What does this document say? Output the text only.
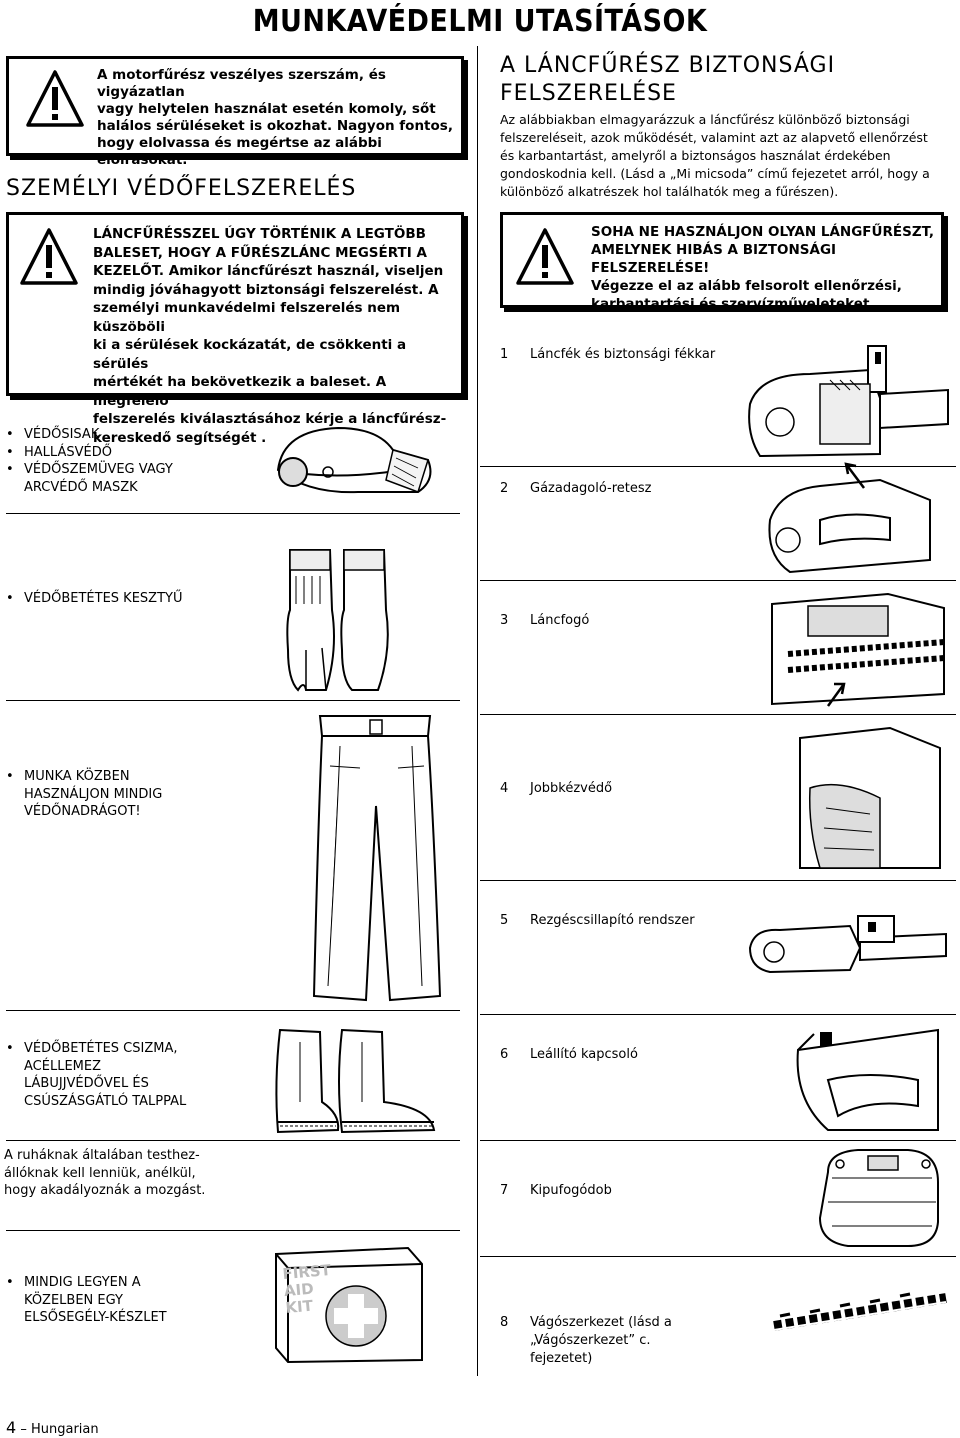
MUNKAVÉDELMI UTASÍTÁSOK
A motorfűrész veszélyes szerszám, és vigyázatlan
vagy helytelen használat esetén komoly, sőt
halálos sérüléseket is okozhat. Nagyon fontos,
hogy elolvassa és megértse az alábbi előírásokat.
SZEMÉLYI VÉDŐFELSZERELÉS
LÁNCFŰRÉSSZEL ÚGY TÖRTÉNIK A LEGTÖBB
BALESET, HOGY A FŰRÉSZLÁNC MEGSÉRTI A
KEZELŐT. Amikor láncfűrészt használ, viseljen
mindig jóváhagyott biztonsági felszerelést. A
személyi munkavédelmi felszerelés nem küszöböli
ki a sérülések kockázatát, de csökkenti a sérülés
mértékét ha bekövetkezik a baleset. A megfelelő
felszerelés kiválasztásához kérje a láncfűrész-
kereskedő segítségét .
• VÉDŐSISAK
• HALLÁSVÉDŐ
• VÉDŐSZEMÜVEG VAGY
ARCVÉDŐ MASZK
• VÉDŐBETÉTES KESZTYŰ
• MUNKA KÖZBEN
HASZNÁLJON MINDIG
VÉDŐNADRÁGOT!
• VÉDŐBETÉTES CSIZMA,
ACÉLLEMEZ
LÁBUJJVÉDŐVEL ÉS
CSÚSZÁSGÁTLÓ TALPPAL
A ruháknak általában testhez-
állóknak kell lenniük, anélkül,
hogy akadályoznák a mozgást.
• MINDIG LEGYEN A
KÖZELBEN EGY
ELSŐSEGÉLY-KÉSZLET
FIRST
AID
KIT
A LÁNCFŰRÉSZ BIZTONSÁGI
FELSZERELÉSE
Az alábbiakban elmagyarázzuk a láncfűrész különböző biztonsági
felszereléseit, azok működését, valamint azt az alapvető ellenőrzést
és karbantartást, amelyről a biztonságos használat érdekében
gondoskodnia kell. (Lásd a „Mi micsoda” című fejezetet arról, hogy a
különböző alkatrészek hol találhatók meg a fűrészen).
SOHA NE HASZNÁLJON OLYAN LÁNGFŰRÉSZT,
AMELYNEK HIBÁS A BIZTONSÁGI FELSZERELÉSE!
Végezze el az alább felsorolt ellenőrzési,
karbantartási és szervízműveleteket
1 Láncfék és biztonsági fékkar
2 Gázadagoló-retesz
3 Láncfogó
4 Jobbkézvédő
5 Rezgéscsillapító rendszer
6 Leállító kapcsoló
7 Kipufogódob
8 Vágószerkezet (lásd a
„Vágószerkezet” c.
fejezetet)
4 – Hungarian
